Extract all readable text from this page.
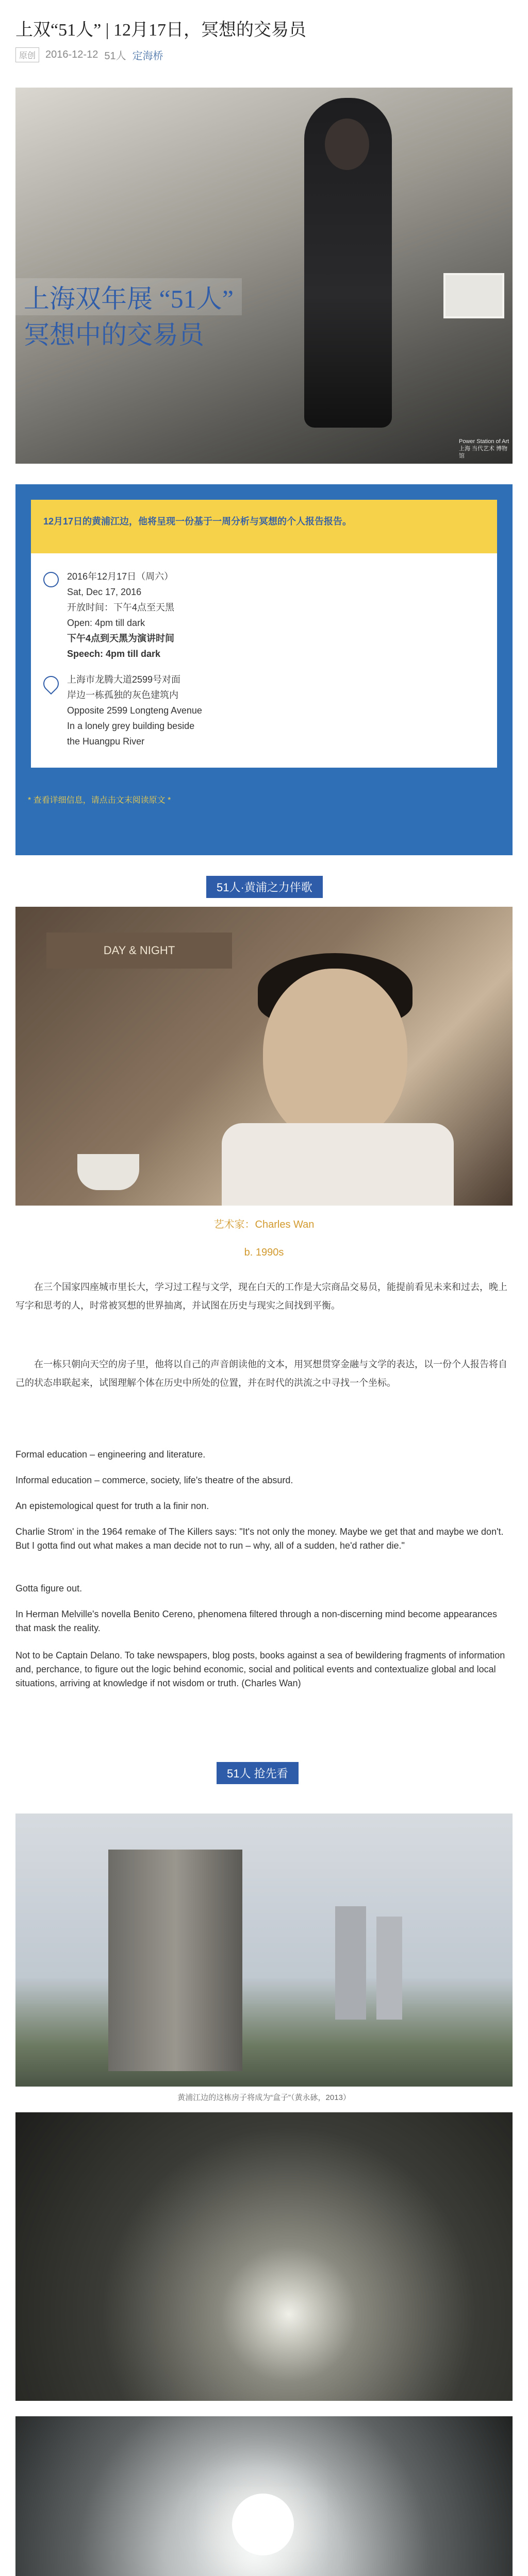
上双“51人” | 12月17日，冥想的交易员
原创 2016-12-12 51人 定海桥
上海双年展 “51人”
冥想中的交易员
Power Station of Art 上海 当代艺术 博物馆
12月17日的黄浦江边，他将呈现一份基于一周分析与冥想的个人报告报告。
2016年12月17日（周六）
Sat, Dec 17, 2016
开放时间：下午4点至天黑
Open: 4pm till dark
下午4点到天黑为演讲时间
Speech: 4pm till dark
上海市龙腾大道2599号对面
岸边一栋孤独的灰色建筑内
Opposite 2599 Longteng Avenue
In a lonely grey building beside
the Huangpu River
* 查看详细信息，请点击文末阅读原文 *
51人·黄浦之力伴歌
DAY & NIGHT
艺术家：Charles Wan
b. 1990s
在三个国家四座城市里长大，学习过工程与文学，现在白天的工作是大宗商品交易员，能提前看见未来和过去，晚上写字和思考的人，时常被冥想的世界抽离，并试图在历史与现实之间找到平衡。
在一栋只朝向天空的房子里，他将以自己的声音朗读他的文本，用冥想贯穿金融与文学的表达，以一份个人报告将自己的状态串联起来，试图理解个体在历史中所处的位置，并在时代的洪流之中寻找一个坐标。
Formal education – engineering and literature.
Informal education – commerce, society, life's theatre of the absurd.
An epistemological quest for truth a la finir non.
Charlie Strom' in the 1964 remake of The Killers says: "It's not only the money. Maybe we get that and maybe we don't. But I gotta find out what makes a man decide not to run – why, all of a sudden, he'd rather die."
Gotta figure out.
In Herman Melville's novella Benito Cereno, phenomena filtered through a non-discerning mind become appearances that mask the reality.
Not to be Captain Delano. To take newspapers, blog posts, books against a sea of bewildering fragments of information and, perchance, to figure out the logic behind economic, social and political events and contextualize global and local situations, arriving at knowledge if not wisdom or truth. (Charles Wan)
51人 抢先看
黄浦江边的这栋房子将成为“盒子”（黄永砅，2013）
